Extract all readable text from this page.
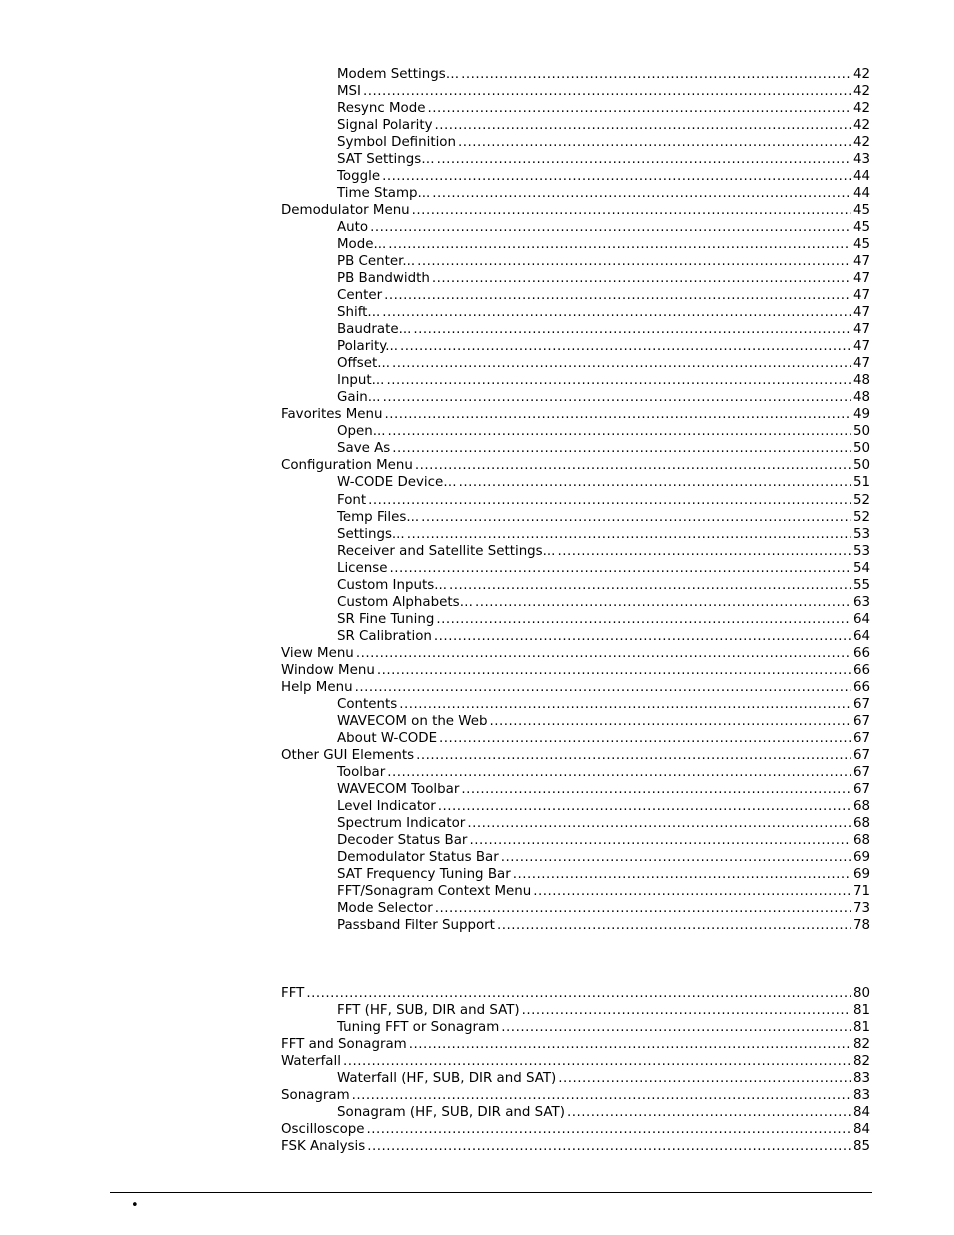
Modem Settings… .....	42
MSI .....	42
Resync Mode .....	42
Signal Polarity .....	42
Symbol Definition .....	42
SAT Settings… .....	43
Toggle .....	44
Time Stamp... .....	44
Demodulator Menu .....	45
Auto .....	45
Mode... .....	45
PB Center... .....	47
PB Bandwidth .....	47
Center .....	47
Shift... .....	47
Baudrate... .....	47
Polarity... .....	47
Offset... .....	47
Input... .....	48
Gain... .....	48
Favorites Menu .....	49
Open... .....	50
Save As .....	50
Configuration Menu .....	50
W-CODE Device… .....	51
Font .....	52
Temp Files... .....	52
Settings... .....	53
Receiver and Satellite Settings... .....	53
License .....	54
Custom Inputs... .....	55
Custom Alphabets… .....	63
SR Fine Tuning .....	64
SR Calibration .....	64
View Menu .....	66
Window Menu .....	66
Help Menu .....	66
Contents .....	67
WAVECOM on the Web .....	67
About W-CODE .....	67
Other GUI Elements .....	67
Toolbar .....	67
WAVECOM Toolbar .....	67
Level Indicator .....	68
Spectrum Indicator .....	68
Decoder Status Bar .....	68
Demodulator Status Bar .....	69
SAT Frequency Tuning Bar .....	69
FFT/Sonagram Context Menu .....	71
Mode Selector .....	73
Passband Filter Support .....	78
FFT .....	80
FFT (HF, SUB, DIR and SAT) .....	81
Tuning FFT or Sonagram .....	81
FFT and Sonagram .....	82
Waterfall .....	82
Waterfall (HF, SUB, DIR and SAT) .....	83
Sonagram .....	83
Sonagram (HF, SUB, DIR and SAT) .....	84
Oscilloscope .....	84
FSK Analysis .....	85
•
